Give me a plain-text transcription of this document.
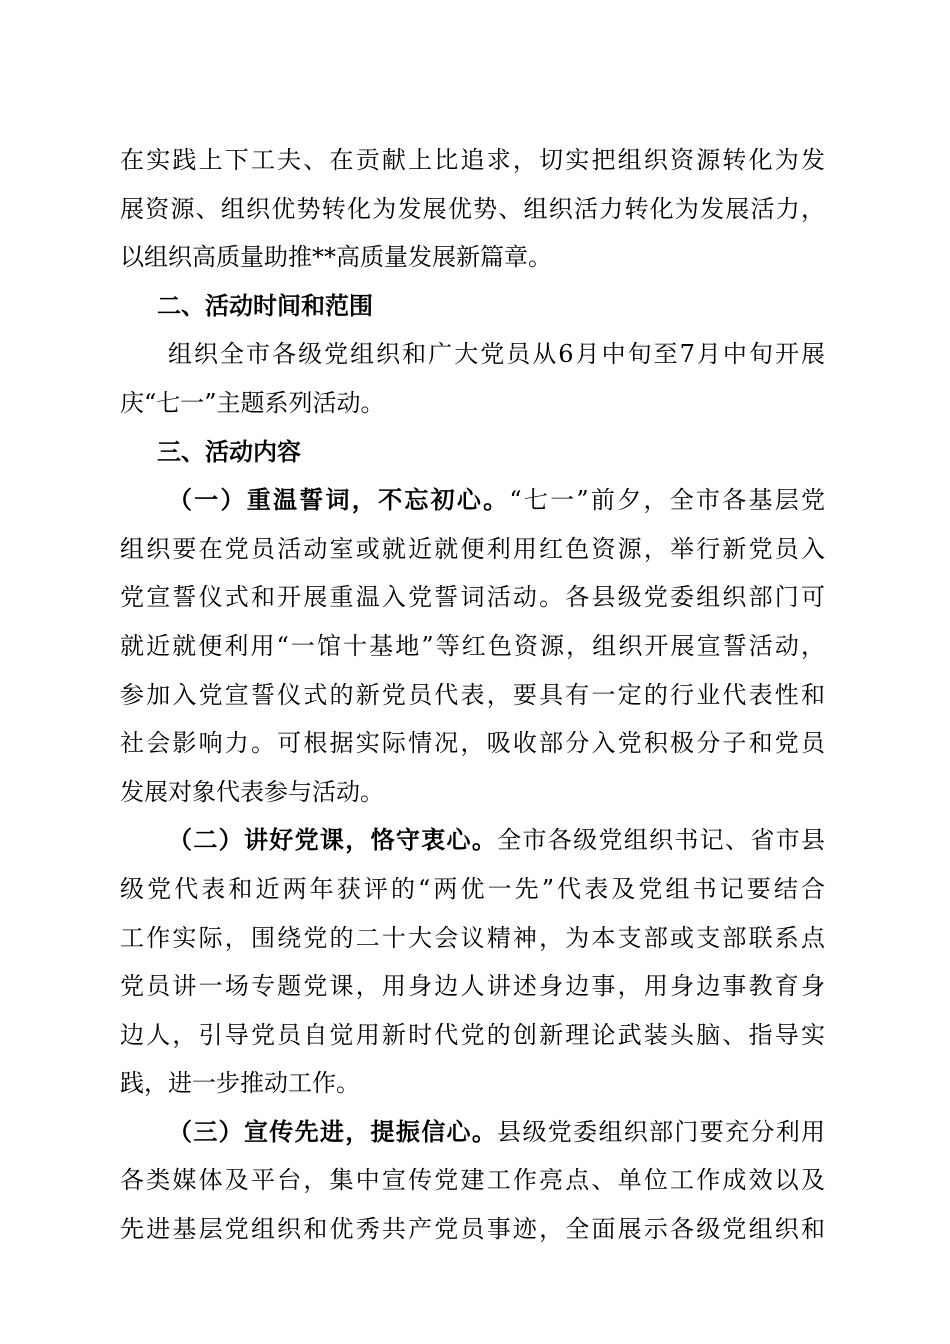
在实践上下工夫、在贡献上比追求，切实把组织资源转化为发
展资源、组织优势转化为发展优势、组织活力转化为发展活力，
以组织高质量助推**高质量发展新篇章。
二、活动时间和范围
组织全市各级党组织和广大党员从6月中旬至7月中旬开展
庆“七一”主题系列活动。
三、活动内容
（一）重温誓词，不忘初心。“七一”前夕，全市各基层党
组织要在党员活动室或就近就便利用红色资源，举行新党员入
党宣誓仪式和开展重温入党誓词活动。各县级党委组织部门可
就近就便利用“一馆十基地”等红色资源，组织开展宣誓活动，
参加入党宣誓仪式的新党员代表，要具有一定的行业代表性和
社会影响力。可根据实际情况，吸收部分入党积极分子和党员
发展对象代表参与活动。
（二）讲好党课，恪守衷心。全市各级党组织书记、省市县
级党代表和近两年获评的“两优一先”代表及党组书记要结合
工作实际，围绕党的二十大会议精神，为本支部或支部联系点
党员讲一场专题党课，用身边人讲述身边事，用身边事教育身
边人，引导党员自觉用新时代党的创新理论武装头脑、指导实
践，进一步推动工作。
（三）宣传先进，提振信心。县级党委组织部门要充分利用
各类媒体及平台，集中宣传党建工作亮点、单位工作成效以及
先进基层党组织和优秀共产党员事迹，全面展示各级党组织和
